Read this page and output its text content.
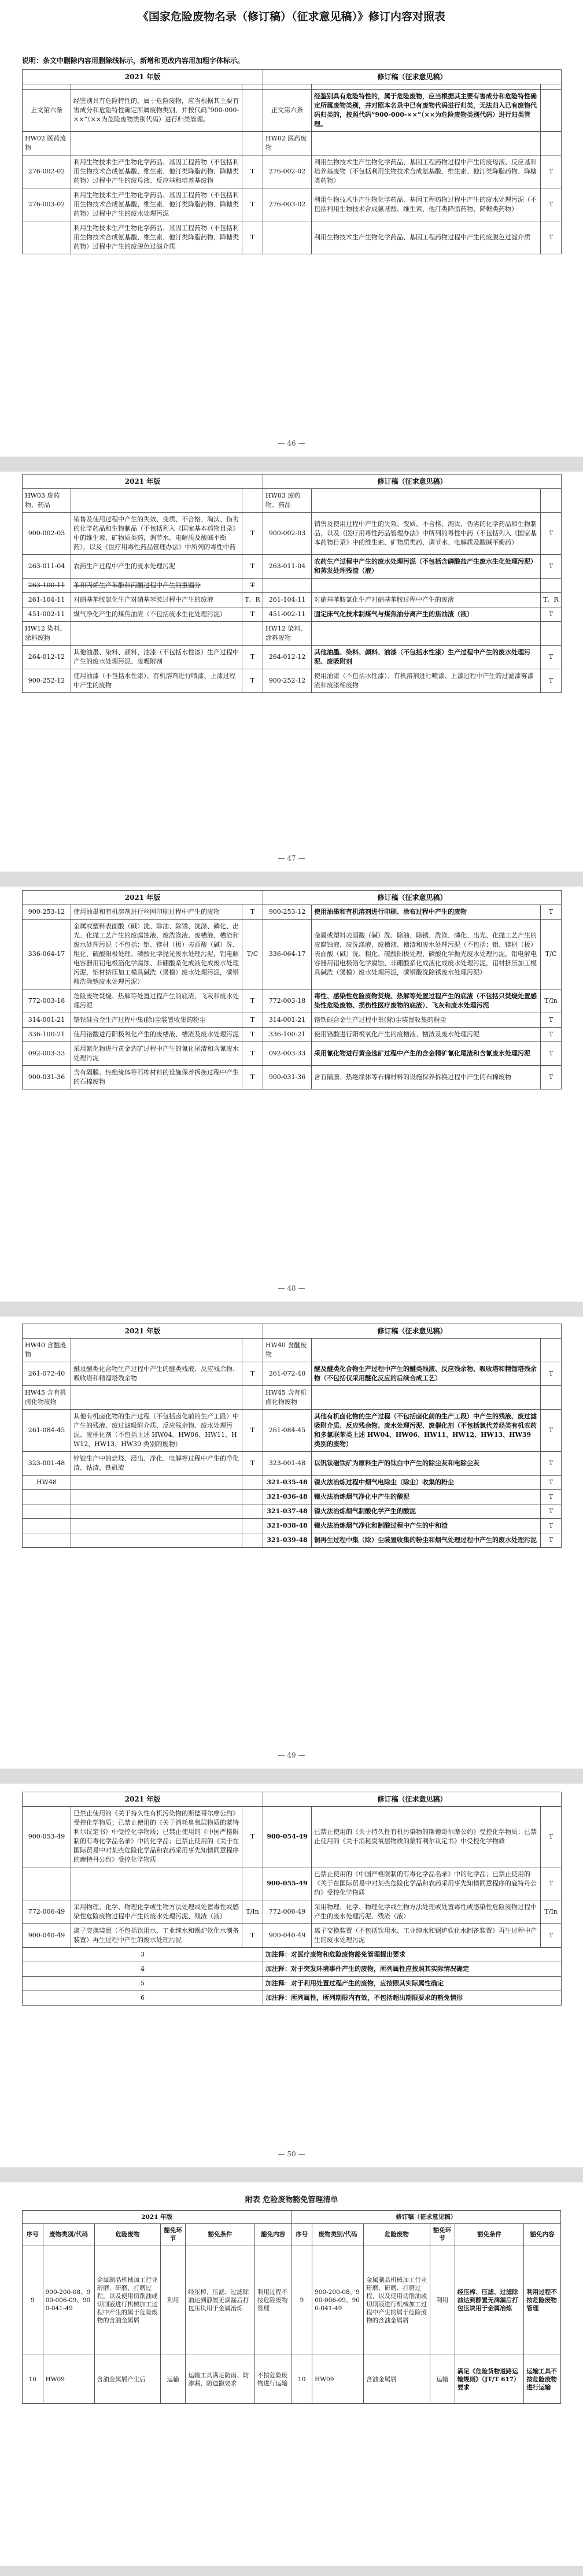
《国家危险废物名录（修订稿）（征求意见稿）》修订内容对照表
说明：条文中删除内容用删除线标示，新增和更改内容用加粗字体标示。
2021 年版			修订稿（征求意见稿）		

正文第六条	经鉴别具有危险特性的，属于危险废物，应当根据其主要有害成分和危险特性确定所属废物类别，并按代码“900-000-××”（××为危险废物类别代码）进行归类管理。		正文第六条	经鉴别具有危险特性的，属于危险废物，应当根据其主要有害成分和危险特性确定所属废物类别，并对照本名录中已有废物代码进行归类，无法归入已有废物代码归类的，按照代码“900-000-××”（××为危险废物类别代码）进行归类管理。	
HW02 医药废物			HW02 医药废物		
276-002-02	利用生物技术生产生物化学药品、基因工程药物（不包括利用生物技术合成氨基酸、维生素、他汀类降脂药物、降糖类药物）过程中产生的废母液、反应基和培养基废物	T	276-002-02	利用生物技术生产生物化学药品、基因工程药物过程中产生的废母液、反应基和培养基废物（不包括利用生物技术合成氨基酸、维生素、他汀类降脂药物、降糖类药物）	T
276-003-02	利用生物技术生产生物化学药品、基因工程药物（不包括利用生物技术合成氨基酸、维生素、他汀类降脂药物、降糖类药物）过程中产生的废水处理污泥	T	276-003-02	利用生物技术生产生物化学药品、基因工程药物过程中产生的废水处理污泥（不包括利用生物技术合成氨基酸、维生素、他汀类降脂药物、降糖类药物）	T
	利用生物技术生产生物化学药品、基因工程药物（不包括利用生物技术合成氨基酸、维生素、他汀类降脂药物、降糖类药物）过程中产生的废脱色过滤介质	T		利用生物技术生产生物化学药品、基因工程药物过程中产生的废脱色过滤介质	T
— 46 —
2021 年版			修订稿（征求意见稿）		
HW03 废药物、药品			HW03 废药物、药品		
900-002-03	销售及使用过程中产生的失效、变质、不合格、淘汰、伪劣的化学药品和生物制品（不包括列入《国家基本药物目录》中的维生素、矿物质类药，调节水、电解质及酸碱平衡药），以及《医疗用毒性药品管理办法》中所列的毒性中药	T	900-002-03	销售及使用过程中产生的失效、变质、不合格、淘汰、伪劣的化学药品和生物制品，以及《医疗用毒性药品管理办法》中所列的毒性中药（不包括列入《国家基本药物目录》中的维生素、矿物质类药，调节水、电解质及酸碱平衡药）	T
263-011-04	农药生产过程中产生的废水处理污泥	T	263-011-04	农药生产过程中产生的废水处理污泥（不包括含磷酸盐产生废水生化处理污泥）和蒸发处理残渣（液）	T
263-100-11	苯和丙烯生产苯酚和丙酮过程中产生的重馏分	T			
261-104-11	对硝基苯胺氯化生产对硝基苯胺过程中产生的废液	T、R	261-104-11	对硝基苯胺氯化生产对硝基苯胺过程中产生的废液	T、R
451-002-11	煤气净化产生的煤焦油渣（不包括废水生化处理污泥）	T	451-002-11	固定床气化技术制煤气与煤焦油分离产生的焦油渣（液）	T
HW12 染料、涂料废物			HW12 染料、涂料废物		
264-012-12	其他油墨、染料、颜料、油漆（不包括水性漆）生产过程中产生的废水处理污泥、废吸附剂	T	264-012-12	其他油墨、染料、颜料、油漆（不包括水性漆）生产过程中产生的废水处理污泥、废吸附剂	T
900-252-12	使用油漆（不包括水性漆）、有机溶剂进行喷漆、上漆过程中产生的废物	T	900-252-12	使用油漆（不包括水性漆）、有机溶剂进行喷漆、上漆过程中产生的过滤漆雾漆渣和废漆桶废物	T
— 47 —
2021 年版			修订稿（征求意见稿）		
900-253-12	使用油墨和有机溶剂进行丝网印刷过程中产生的废物	T	900-253-12	使用油墨和有机溶剂进行印刷、涂布过程中产生的废物	T
336-064-17	金属或塑料表面酸（碱）洗、除油、除锈、洗涤、磷化、出光、化抛工艺产生的废腐蚀液、废洗涤液、废槽液、槽渣和废水处理污泥（不包括：铝、镁材（板）表面酸（碱）洗、粗化、硫酸阳极处理、磷酸化学抛光废水处理污泥，铝电解电容器用铝电极箔化学腐蚀、非硼酸系化成液化成废水处理污泥，铝材挤压加工模具碱洗（煲模）废水处理污泥，碳钢酸洗除锈废水处理污泥）	T/C	336-064-17	金属或塑料表面酸（碱）洗、除油、除锈、洗涤、磷化、出光、化抛工艺产生的废腐蚀液、废洗涤液、废槽液、槽渣和废水处理污泥（不包括：铝、镁材（板）表面酸（碱）洗、粗化、硫酸阳极处理、磷酸化学抛光废水处理污泥，铝电解电容器用铝电极箔化学腐蚀、非硼酸系化成液化成废水处理污泥，铝材挤压加工模具碱洗（煲模）废水处理污泥，碳钢酸洗除锈废水处理污泥）	T/C
772-003-18	危险废物焚烧、热解等处置过程产生的底渣、飞灰和废水处理污泥	T	772-003-18	毒性、感染性危险废物焚烧、热解等处置过程产生的底渣（不包括只焚烧处置感染性危险废物、损伤性医疗废物的底渣）、飞灰和废水处理污泥	T/In
314-001-21	铬铁硅合金生产过程中集(除)尘装置收集的粉尘	T	314-001-21	铬铁硅合金生产过程中集(除)尘装置收集的粉尘	T
336-100-21	使用铬酸进行阳极氧化产生的废槽液、槽渣及废水处理污泥	T	336-100-21	使用铬酸进行阳极氧化产生的废槽液、槽渣及废水处理污泥	T
092-003-33	采用氰化物进行黄金选矿过程中产生的氰化尾渣和含氰废水处理污泥	T	092-003-33	采用氰化物进行黄金选矿过程中产生的含金精矿氰化尾渣和含氰废水处理污泥	T
900-031-36	含有隔膜、热绝缘体等石棉材料的设施保养拆换过程中产生的石棉废物	T	900-031-36	含有隔膜、热绝缘体等石棉材料的设施保养拆换过程中产生的石棉废物	T
— 48 —
2021 年版			修订稿（征求意见稿）		
HW40 含醚废物			HW40 含醚废物		
261-072-40	醚及醚类化合物生产过程中产生的醚类残液、反应残余物、吸收塔和精馏塔残余物	T	261-072-40	醚及醚类化合物生产过程中产生的醚类残液、反应残余物、吸收塔和精馏塔残余物（不包括仅采用醚化反应的后续合成工艺）	T
HW45 含有机卤化物废物			HW45 含有机卤化物废物		
261-084-45	其他有机卤化物的生产过程（不包括卤化前的生产工段）中产生的残液、废过滤吸附介质、反应残余物、废水处理污泥、废催化剂（不包括上述 HW04、HW06、HW11、HW12、HW13、HW39 类别的废物）	T	261-084-45	其他有机卤化物的生产过程（不包括卤化前的生产工段）中产生的残液、废过滤吸附介质、反应残余物、废水处理污泥、废催化剂（不包括氯代芳烃类有机农药和多氯联苯类上述 HW04、HW06、HW11、HW12、HW13、HW39 类别的废物）	T
323-001-48	锌锭生产中的焙烧、浸出、净化、电解等过程中产生的净化渣、钴渣、铁矾渣	T	323-001-48	以钒钛磁铁矿为原料生产的钛白中产生的除尘灰和电除尘灰	T
HW48			321-035-48	镍火法冶炼过程中烟气电除尘（除尘）收集的粉尘	T
			321-036-48	镍火法冶炼烟气净化中产生的酸泥	T
			321-037-48	镍火法冶炼烟气制酸化学产生的酸泥	T
			321-038-48	镍火法冶炼烟气净化和制酸过程中产生的中和渣	T
			321-039-48	铜再生过程中集（除）尘装置收集的粉尘和烟气处理过程中产生的废水处理污泥	T
— 49 —
2021 年版			修订稿（征求意见稿）		
900-053-49	已禁止使用的《关于持久性有机污染物的斯德哥尔摩公约》受控化学物质；已禁止使用的《关于消耗臭氧层物质的蒙特利尔议定书》中受控化学物质；已禁止使用的《中国严格限制的有毒化学品名录》中的化学品；已禁止使用的《关于在国际贸易中对某些危险化学品和农药采用事先知情同意程序的鹿特丹公约》受控化学物质	T	900-054-49	已禁止使用的《关于持久性有机污染物的斯德哥尔摩公约》受控化学物质；已禁止使用的《关于消耗臭氧层物质的蒙特利尔议定书》中受控化学物质	T
			900-055-49	已禁止使用的《中国严格限制的有毒化学品名录》中的化学品；已禁止使用的《关于在国际贸易中对某些危险化学品和农药采用事先知情同意程序的鹿特丹公约》受控化学物质	T
772-006-49	采用物理、化学、物理化学或生物方法处理或处置毒性或感染性危险废物过程中产生的废水处理污泥、残渣（液）	T/In	772-006-49	采用物理、化学、物理化学或生物方法处理或处置毒性或感染性危险废物过程中产生的废水处理污泥、残渣（液）	T/In
900-040-49	离子交换装置（不包括饮用水、工业纯水和锅炉软化水制备装置）再生过程中产生的废水处理污泥	T	900-040-49	离子交换装置（不包括饮用水、工业纯水和锅炉软化水制备装置）再生过程中产生的废水处理污泥	T
3			加注释：对医疗废物和危险废物豁免管理提出要求		
4			加注释：对于突发环境事件产生的废物，所列属性应按照其实际情况确定		
5			加注释：对于利用处置过程产生的废物，应按照其实际属性确定		
6			加注释：所列属性，所列期限内有效，不包括超出期限要求的豁免情形		
— 50 —
附表 危险废物豁免管理清单
2021 年版						修订稿（征求意见稿）					
序号	废物类别/代码	危险废物	豁免环节	豁免条件	豁免内容	序号	废物类别/代码	危险废物	豁免环节	豁免条件	豁免内容
9	900-200-08、900-006-09、900-041-49	金属制品机械加工行业珩磨、研磨、打磨过程，以及使用切削油或切削液进行机械加工过程中产生的属于危险废物的含油金属屑	利用	经压榨、压滤、过滤除油达到静置无滴漏后打包压块用于金属冶炼	利用过程不按危险废物管理	9	900-200-08、900-006-09、900-041-49	金属制品机械加工行业珩磨、研磨、打磨过程，以及使用切削油或切削液进行机械加工过程中产生的属于危险废物的含油金属屑	利用	经压榨、压滤、过滤除油达到静置无滴漏后打包压块用于金属冶炼	利用过程不按危险废物管理
10	HW09	含油金属屑产生后	运输	运输工具满足防雨、防渗漏、防遗撒要求	不按危险废物进行运输	10	HW09	含油金属屑	运输	满足《危险货物道路运输规则》（JT/T 617）要求	运输工具不按危险废物进行运输
